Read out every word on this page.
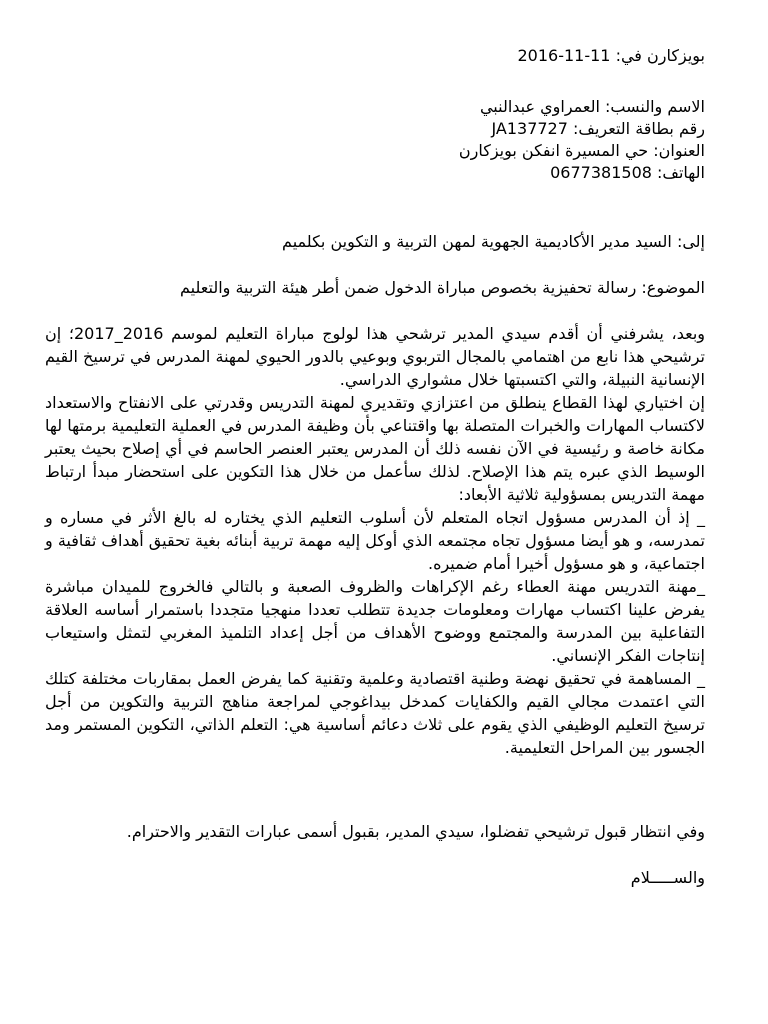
بويزكارن في: 2016-11-11
الاسم والنسب: العمراوي عبدالنبي
رقم بطاقة التعريف: JA137727
العنوان: حي المسيرة انفكن بويزكارن
الهاتف: 0677381508
إلى: السيد مدير الأكاديمية الجهوية لمهن التربية و التكوين بكلميم
الموضوع: رسالة تحفيزية بخصوص مباراة الدخول ضمن أطر هيئة التربية والتعليم

وبعد، يشرفني أن أقدم سيدي المدير ترشحي هذا لولوج مباراة التعليم لموسم 2016_2017؛ إن ترشيحي هذا نابع من اهتمامي بالمجال التربوي وبوعيي بالدور الحيوي لمهنة المدرس في ترسيخ القيم الإنسانية النبيلة، والتي اكتسبتها خلال مشواري الدراسي.

إن اختياري لهذا القطاع ينطلق من اعتزازي وتقديري لمهنة التدريس وقدرتي على الانفتاح والاستعداد لاكتساب المهارات والخبرات المتصلة بها واقتناعي بأن وظيفة المدرس في العملية التعليمية برمتها لها مكانة خاصة و رئيسية في الآن نفسه ذلك أن المدرس يعتبر العنصر الحاسم في أي إصلاح بحيث يعتبر الوسيط الذي عبره يتم هذا الإصلاح. لذلك سأعمل من خلال هذا التكوين على استحضار مبدأ ارتباط مهمة التدريس بمسؤولية ثلاثية الأبعاد:

_ إذ أن المدرس مسؤول اتجاه المتعلم لأن أسلوب التعليم الذي يختاره له بالغ الأثر في مساره و تمدرسه، و هو أيضا مسؤول تجاه مجتمعه الذي أوكل إليه مهمة تربية أبنائه بغية تحقيق أهداف ثقافية و اجتماعية، و هو مسؤول أخيرا أمام ضميره.

_مهنة التدريس مهنة العطاء رغم الإكراهات والظروف الصعبة و بالتالي فالخروج للميدان مباشرة يفرض علينا اكتساب مهارات ومعلومات جديدة تتطلب تعددا منهجيا متجددا باستمرار أساسه العلاقة التفاعلية بين المدرسة والمجتمع ووضوح الأهداف من أجل إعداد التلميذ المغربي لتمثل واستيعاب إنتاجات الفكر الإنساني.

_ المساهمة في تحقيق نهضة وطنية اقتصادية وعلمية وتقنية كما يفرض العمل بمقاربات مختلفة كتلك التي اعتمدت مجالي القيم والكفايات كمدخل بيداغوجي لمراجعة مناهج التربية والتكوين من أجل ترسيخ التعليم الوظيفي الذي يقوم على ثلاث دعائم أساسية هي: التعلم الذاتي، التكوين المستمر ومد الجسور بين المراحل التعليمية.

وفي انتظار قبول ترشيحي تفضلوا، سيدي المدير، بقبول أسمى عبارات التقدير والاحترام.
والســـــلام
